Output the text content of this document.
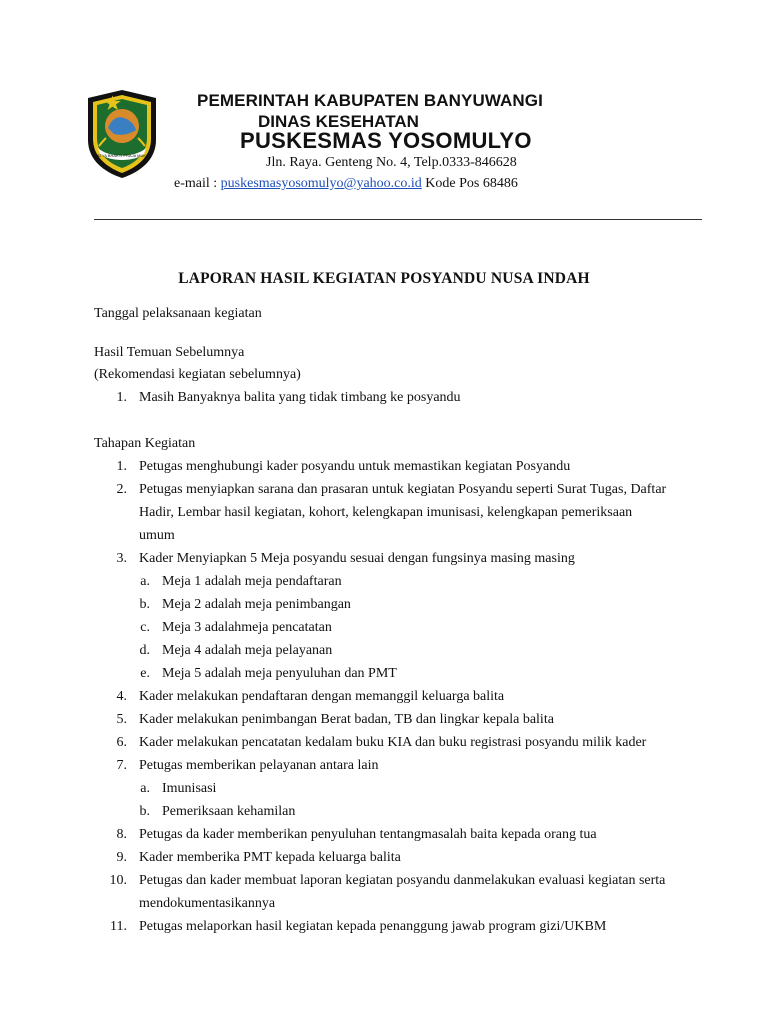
SATYA BHAKTI PRAJA MUKTI
PEMERINTAH KABUPATEN BANYUWANGI
DINAS KESEHATAN
PUSKESMAS YOSOMULYO
Jln. Raya. Genteng No. 4, Telp.0333-846628
e-mail : puskesmasyosomulyo@yahoo.co.id Kode Pos 68486
LAPORAN HASIL KEGIATAN POSYANDU NUSA INDAH
Tanggal pelaksanaan kegiatan
Hasil Temuan Sebelumnya
(Rekomendasi kegiatan sebelumnya)
Tahapan Kegiatan
1. Masih Banyaknya balita yang tidak timbang ke posyandu
1. Petugas menghubungi kader posyandu untuk memastikan kegiatan Posyandu
2. Petugas menyiapkan sarana dan prasaran untuk kegiatan Posyandu seperti Surat Tugas, Daftar
Hadir, Lembar hasil kegiatan, kohort, kelengkapan imunisasi, kelengkapan pemeriksaan
umum
3. Kader Menyiapkan 5 Meja posyandu sesuai dengan fungsinya masing masing
a. Meja 1 adalah meja pendaftaran
b. Meja 2 adalah meja penimbangan
c. Meja 3 adalahmeja pencatatan
d. Meja 4 adalah meja pelayanan
e. Meja 5 adalah meja penyuluhan dan PMT
4. Kader melakukan pendaftaran dengan memanggil keluarga balita
5. Kader melakukan penimbangan Berat badan, TB dan lingkar kepala balita
6. Kader melakukan pencatatan kedalam buku KIA dan buku registrasi posyandu milik kader
7. Petugas memberikan pelayanan antara lain
a. Imunisasi
b. Pemeriksaan kehamilan
8. Petugas da kader memberikan penyuluhan tentangmasalah baita kepada orang tua
9. Kader memberika PMT kepada keluarga balita
10. Petugas dan kader membuat laporan kegiatan posyandu danmelakukan evaluasi kegiatan serta
mendokumentasikannya
11. Petugas melaporkan hasil kegiatan kepada penanggung jawab program gizi/UKBM
